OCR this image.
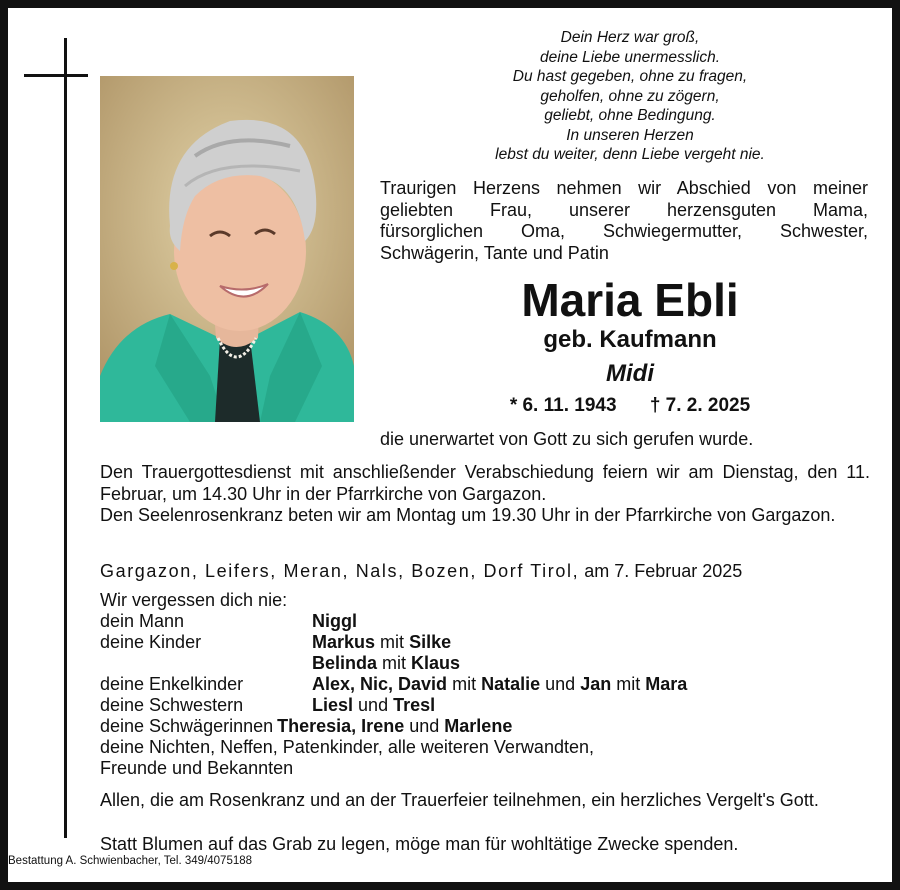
Dein Herz war groß,
deine Liebe unermesslich.
Du hast gegeben, ohne zu fragen,
geholfen, ohne zu zögern,
geliebt, ohne Bedingung.
In unseren Herzen
lebst du weiter, denn Liebe vergeht nie.
Traurigen Herzens nehmen wir Abschied von meiner
geliebten Frau, unserer herzensguten Mama,
fürsorglichen Oma, Schwiegermutter, Schwester,
Schwägerin, Tante und Patin
Maria Ebli
geb. Kaufmann
Midi
* 6. 11. 1943 † 7. 2. 2025
die unerwartet von Gott zu sich gerufen wurde.
Den Trauergottesdienst mit anschließender Verabschiedung feiern wir am Dienstag, den 11. Februar, um 14.30 Uhr in der Pfarrkirche von Gargazon.
Den Seelenrosenkranz beten wir am Montag um 19.30 Uhr in der Pfarrkirche von Gargazon.
Gargazon, Leifers, Meran, Nals, Bozen, Dorf Tirol, am 7. Februar 2025
Wir vergessen dich nie:
dein Mann	Niggl
deine Kinder	Markus mit Silke
Belinda mit Klaus
deine Enkelkinder	Alex, Nic, David mit Natalie und Jan mit Mara
deine Schwestern	Liesl und Tresl
deine Schwägerinnen Theresia, Irene und Marlene
deine Nichten, Neffen, Patenkinder, alle weiteren Verwandten,
Freunde und Bekannten
Allen, die am Rosenkranz und an der Trauerfeier teilnehmen, ein herzliches Vergelt's Gott.
Statt Blumen auf das Grab zu legen, möge man für wohltätige Zwecke spenden.
Bestattung A. Schwienbacher, Tel. 349/4075188
